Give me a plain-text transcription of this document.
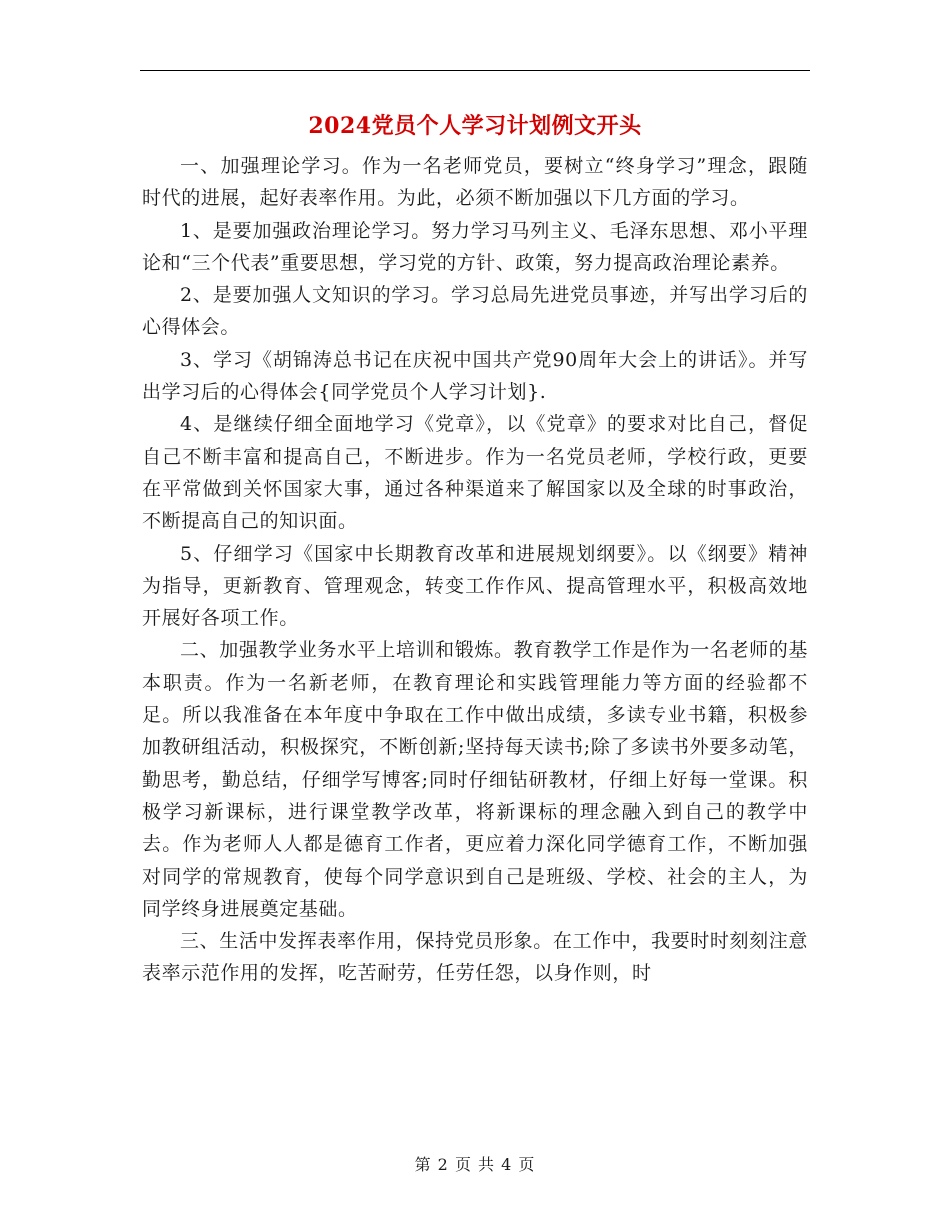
2024党员个人学习计划例文开头

一、加强理论学习。作为一名老师党员，要树立“终身学习”理念，跟随时代的进展，起好表率作用。为此，必须不断加强以下几方面的学习。

1、是要加强政治理论学习。努力学习马列主义、毛泽东思想、邓小平理论和“三个代表”重要思想，学习党的方针、政策，努力提高政治理论素养。

2、是要加强人文知识的学习。学习总局先进党员事迹，并写出学习后的心得体会。

3、学习《胡锦涛总书记在庆祝中国共产党90周年大会上的讲话》。并写出学习后的心得体会{同学党员个人学习计划}.

4、是继续仔细全面地学习《党章》，以《党章》的要求对比自己，督促自己不断丰富和提高自己，不断进步。作为一名党员老师，学校行政，更要在平常做到关怀国家大事，通过各种渠道来了解国家以及全球的时事政治，不断提高自己的知识面。

5、仔细学习《国家中长期教育改革和进展规划纲要》。以《纲要》精神为指导，更新教育、管理观念，转变工作作风、提高管理水平，积极高效地开展好各项工作。

二、加强教学业务水平上培训和锻炼。教育教学工作是作为一名老师的基本职责。作为一名新老师，在教育理论和实践管理能力等方面的经验都不足。所以我准备在本年度中争取在工作中做出成绩，多读专业书籍，积极参加教研组活动，积极探究，不断创新;坚持每天读书;除了多读书外要多动笔，勤思考，勤总结，仔细学写博客;同时仔细钻研教材，仔细上好每一堂课。积极学习新课标，进行课堂教学改革，将新课标的理念融入到自己的教学中去。作为老师人人都是德育工作者，更应着力深化同学德育工作，不断加强对同学的常规教育，使每个同学意识到自己是班级、学校、社会的主人，为同学终身进展奠定基础。

三、生活中发挥表率作用，保持党员形象。在工作中，我要时时刻刻注意表率示范作用的发挥，吃苦耐劳，任劳任怨，以身作则，时

第 2 页 共 4 页
